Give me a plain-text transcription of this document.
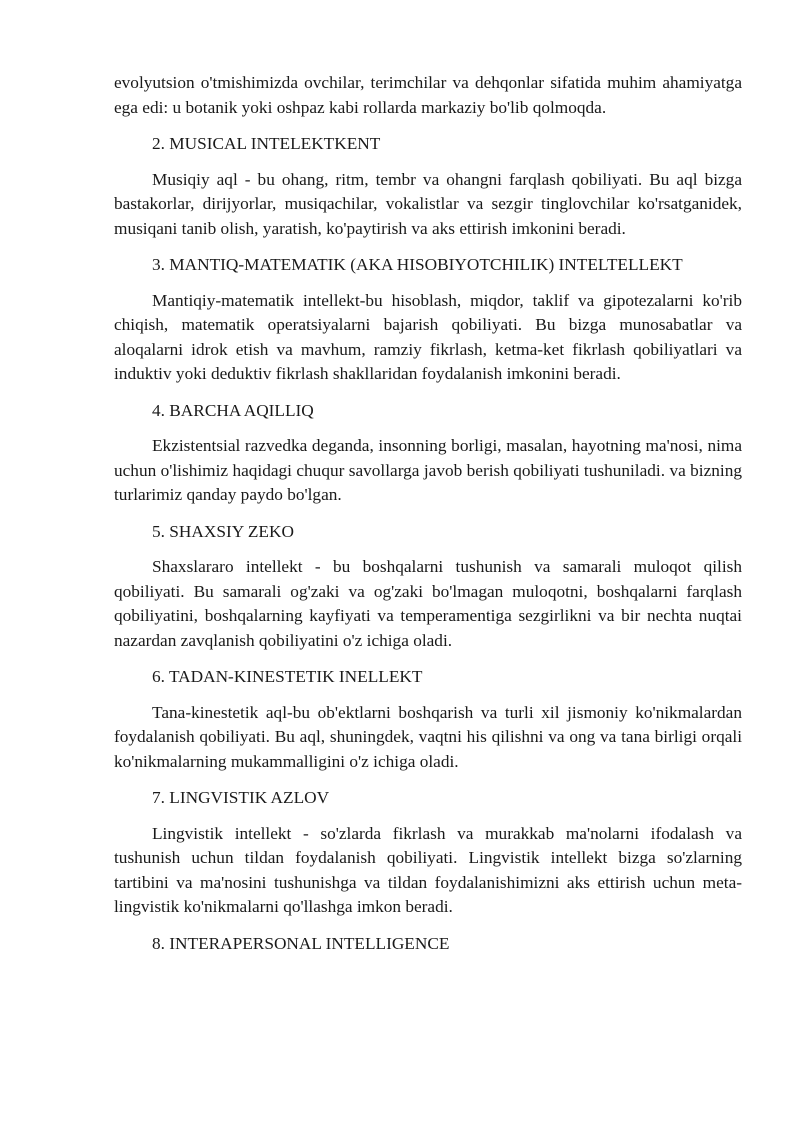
evolyutsion o'tmishimizda ovchilar, terimchilar va dehqonlar sifatida muhim ahamiyatga ega edi: u botanik yoki oshpaz kabi rollarda markaziy bo'lib qolmoqda.

2. MUSICAL INTELEKTKENT

Musiqiy aql - bu ohang, ritm, tembr va ohangni farqlash qobiliyati. Bu aql bizga bastakorlar, dirijyorlar, musiqachilar, vokalistlar va sezgir tinglovchilar ko'rsatganidek, musiqani tanib olish, yaratish, ko'paytirish va aks ettirish imkonini beradi.

3. MANTIQ-MATEMATIK (AKA HISOBIYOTCHILIK) INTELTELLEKT

Mantiqiy-matematik intellekt-bu hisoblash, miqdor, taklif va gipotezalarni ko'rib chiqish, matematik operatsiyalarni bajarish qobiliyati. Bu bizga munosabatlar va aloqalarni idrok etish va mavhum, ramziy fikrlash, ketma-ket fikrlash qobiliyatlari va induktiv yoki deduktiv fikrlash shakllaridan foydalanish imkonini beradi.

4. BARCHA AQILLIQ

Ekzistentsial razvedka deganda, insonning borligi, masalan, hayotning ma'nosi, nima uchun o'lishimiz haqidagi chuqur savollarga javob berish qobiliyati tushuniladi. va bizning turlarimiz qanday paydo bo'lgan.

5. SHAXSIY ZEKO

Shaxslararo intellekt - bu boshqalarni tushunish va samarali muloqot qilish qobiliyati. Bu samarali og'zaki va og'zaki bo'lmagan muloqotni, boshqalarni farqlash qobiliyatini, boshqalarning kayfiyati va temperamentiga sezgirlikni va bir nechta nuqtai nazardan zavqlanish qobiliyatini o'z ichiga oladi.

6. TADAN-KINESTETIK INELLEKT

Tana-kinestetik aql-bu ob'ektlarni boshqarish va turli xil jismoniy ko'nikmalardan foydalanish qobiliyati. Bu aql, shuningdek, vaqtni his qilishni va ong va tana birligi orqali ko'nikmalarning mukammalligini o'z ichiga oladi.

7. LINGVISTIK AZLOV

Lingvistik intellekt - so'zlarda fikrlash va murakkab ma'nolarni ifodalash va tushunish uchun tildan foydalanish qobiliyati. Lingvistik intellekt bizga so'zlarning tartibini va ma'nosini tushunishga va tildan foydalanishimizni aks ettirish uchun meta-lingvistik ko'nikmalarni qo'llashga imkon beradi.

8. INTERAPERSONAL INTELLIGENCE
